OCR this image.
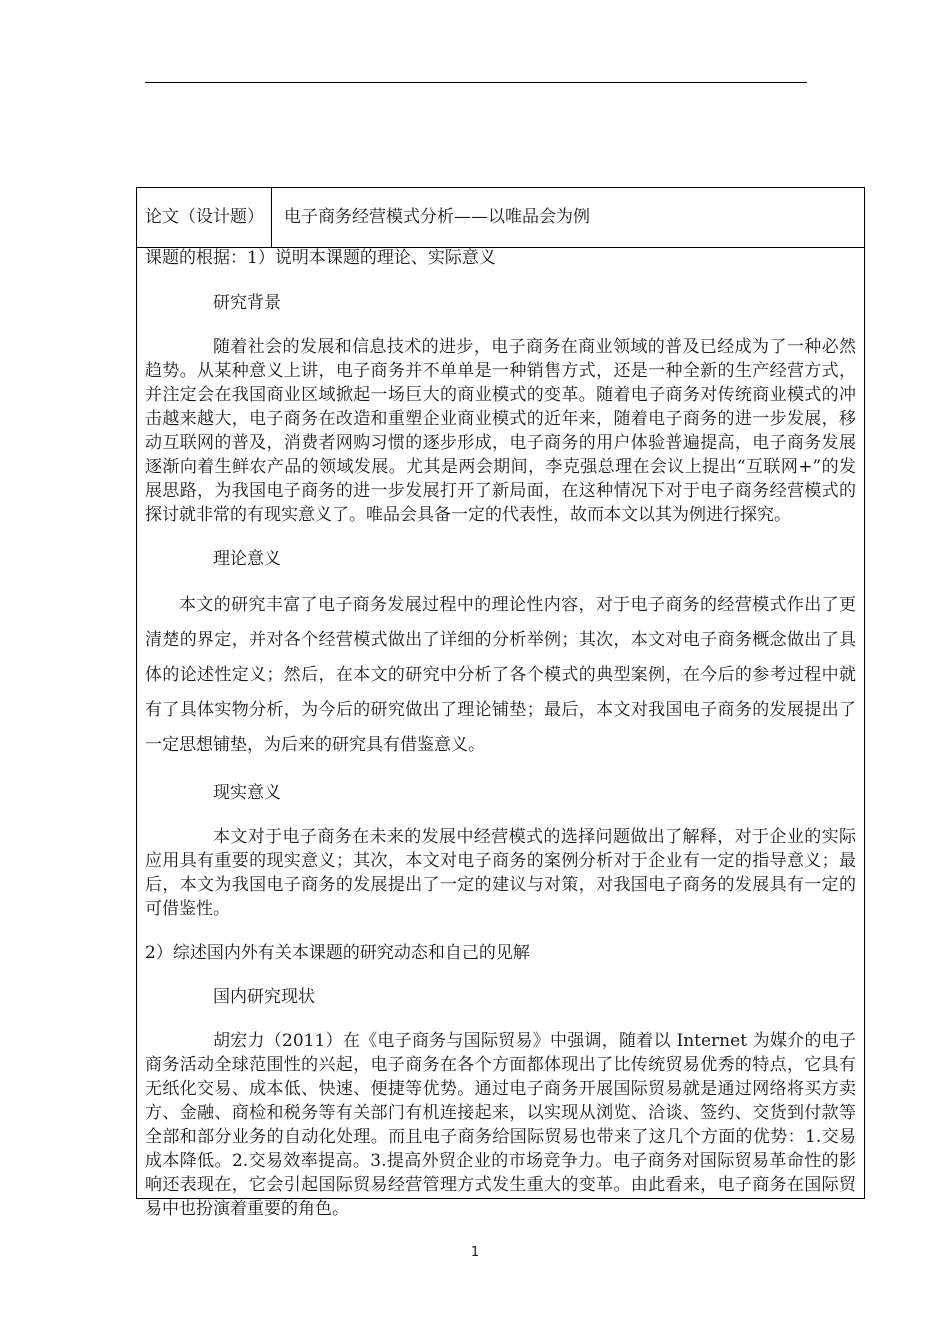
论文（设计题）	电子商务经营模式分析——以唯品会为例

课题的根据：1）说明本课题的理论、实际意义

研究背景

随着社会的发展和信息技术的进步，电子商务在商业领域的普及已经成为了一种必然趋势。从某种意义上讲，电子商务并不单单是一种销售方式，还是一种全新的生产经营方式，并注定会在我国商业区域掀起一场巨大的商业模式的变革。随着电子商务对传统商业模式的冲击越来越大，电子商务在改造和重塑企业商业模式的近年来，随着电子商务的进一步发展，移动互联网的普及，消费者网购习惯的逐步形成，电子商务的用户体验普遍提高，电子商务发展逐渐向着生鲜农产品的领域发展。尤其是两会期间，李克强总理在会议上提出“互联网+”的发展思路，为我国电子商务的进一步发展打开了新局面，在这种情况下对于电子商务经营模式的探讨就非常的有现实意义了。唯品会具备一定的代表性，故而本文以其为例进行探究。

理论意义

本文的研究丰富了电子商务发展过程中的理论性内容，对于电子商务的经营模式作出了更清楚的界定，并对各个经营模式做出了详细的分析举例；其次，本文对电子商务概念做出了具体的论述性定义；然后，在本文的研究中分析了各个模式的典型案例，在今后的参考过程中就有了具体实物分析，为今后的研究做出了理论铺垫；最后，本文对我国电子商务的发展提出了一定思想铺垫，为后来的研究具有借鉴意义。

现实意义

本文对于电子商务在未来的发展中经营模式的选择问题做出了解释，对于企业的实际应用具有重要的现实意义；其次，本文对电子商务的案例分析对于企业有一定的指导意义；最后，本文为我国电子商务的发展提出了一定的建议与对策，对我国电子商务的发展具有一定的可借鉴性。

2）综述国内外有关本课题的研究动态和自己的见解

国内研究现状

胡宏力（2011）在《电子商务与国际贸易》中强调，随着以 Internet 为媒介的电子商务活动全球范围性的兴起，电子商务在各个方面都体现出了比传统贸易优秀的特点，它具有无纸化交易、成本低、快速、便捷等优势。通过电子商务开展国际贸易就是通过网络将买方卖方、金融、商检和税务等有关部门有机连接起来，以实现从浏览、洽谈、签约、交货到付款等全部和部分业务的自动化处理。而且电子商务给国际贸易也带来了这几个方面的优势：1.交易成本降低。2.交易效率提高。3.提高外贸企业的市场竞争力。电子商务对国际贸易革命性的影响还表现在，它会引起国际贸易经营管理方式发生重大的变革。由此看来，电子商务在国际贸易中也扮演着重要的角色。

1
